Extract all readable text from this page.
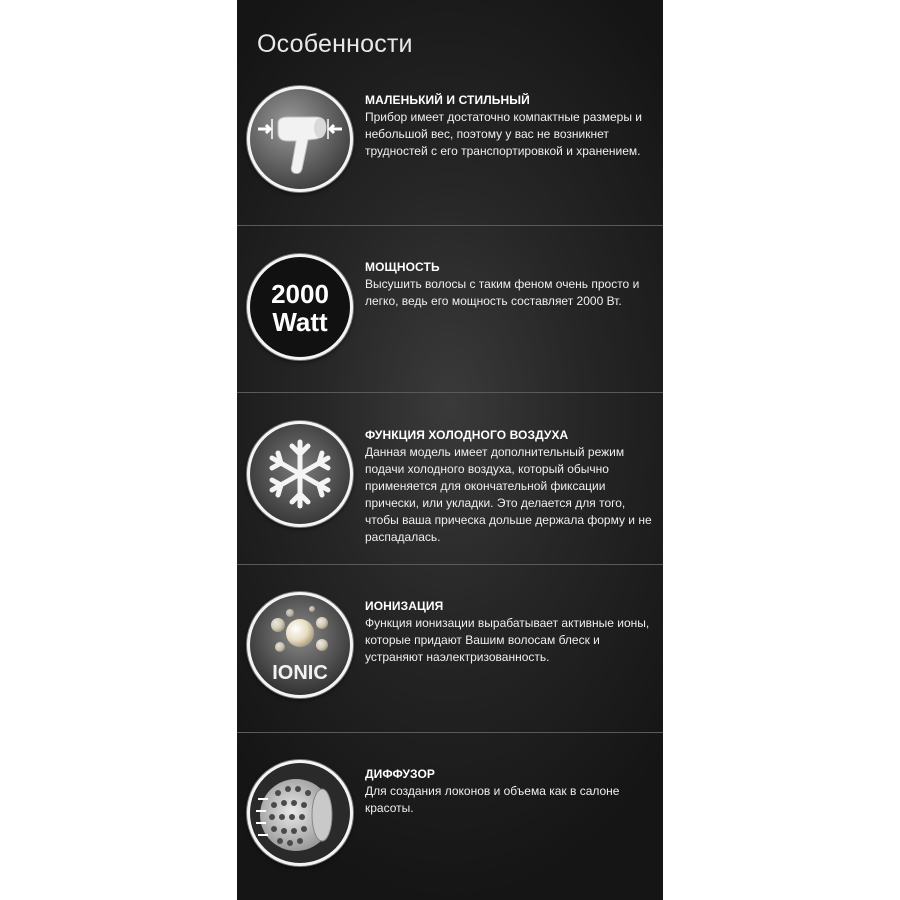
Особенности
МАЛЕНЬКИЙ И СТИЛЬНЫЙ
Прибор имеет достаточно компактные размеры и небольшой вес, поэтому у вас не возникнет трудностей с его транспортировкой и хранением.
2000
Watt
МОЩНОСТЬ
Высушить волосы с таким феном очень просто и легко, ведь его мощность составляет 2000 Вт.
ФУНКЦИЯ ХОЛОДНОГО ВОЗДУХА
Данная модель имеет дополнительный режим подачи холодного воздуха, который обычно применяется для окончательной фиксации прически, или укладки. Это делается для того, чтобы ваша прическа дольше держала форму и не распадалась.
IONIC
ИОНИЗАЦИЯ
Функция ионизации вырабатывает активные ионы, которые придают Вашим волосам блеск и устраняют наэлектризованность.
ДИФФУЗОР
Для создания локонов и объема как в салоне красоты.
